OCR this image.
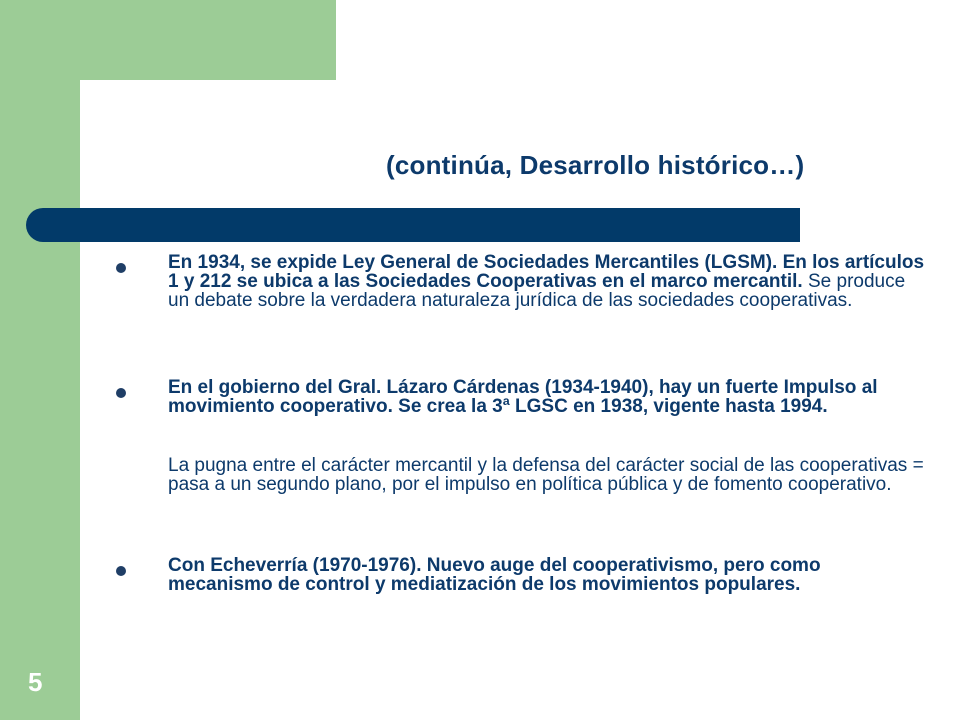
(continúa, Desarrollo histórico…)

En 1934, se expide Ley General de Sociedades Mercantiles (LGSM). En los artículos 1 y 212 se ubica a las Sociedades Cooperativas en el marco mercantil. Se produce un debate sobre la verdadera naturaleza jurídica de las sociedades cooperativas.

En el gobierno del Gral. Lázaro Cárdenas (1934-1940), hay un fuerte Impulso al movimiento cooperativo. Se crea la 3ª LGSC en 1938, vigente hasta 1994.

La pugna entre el carácter mercantil y la defensa del carácter social de las cooperativas = pasa a un segundo plano, por el impulso en política pública y de fomento cooperativo.

Con Echeverría (1970-1976). Nuevo auge del cooperativismo, pero como mecanismo de control y mediatización de los movimientos populares.

5
